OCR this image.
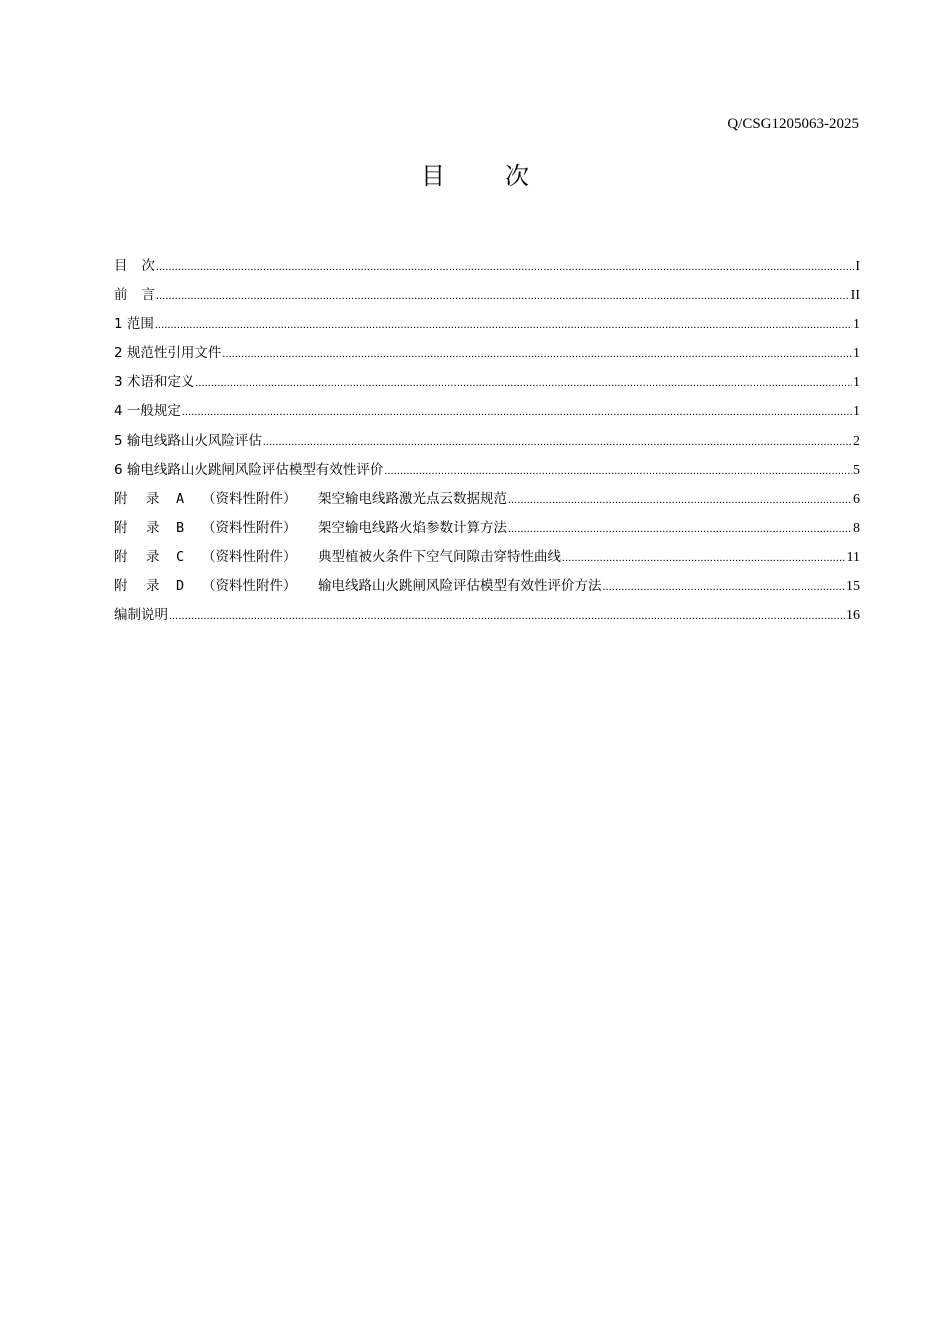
Q/CSG1205063-2025
目　次
目 次 .....	I
前 言 .....	II
1 范围 .....	1
2 规范性引用文件 .....	1
3 术语和定义 .....	1
4 一般规定 .....	1
5 输电线路山火风险评估 .....	2
6 输电线路山火跳闸风险评估模型有效性评价 .....	5
附 录 A （资料性附件） 架空输电线路激光点云数据规范 .....	6
附 录 B （资料性附件） 架空输电线路火焰参数计算方法 .....	8
附 录 C （资料性附件） 典型植被火条件下空气间隙击穿特性曲线 .....	11
附 录 D （资料性附件） 输电线路山火跳闸风险评估模型有效性评价方法 .....	15
编制说明 .....	16
